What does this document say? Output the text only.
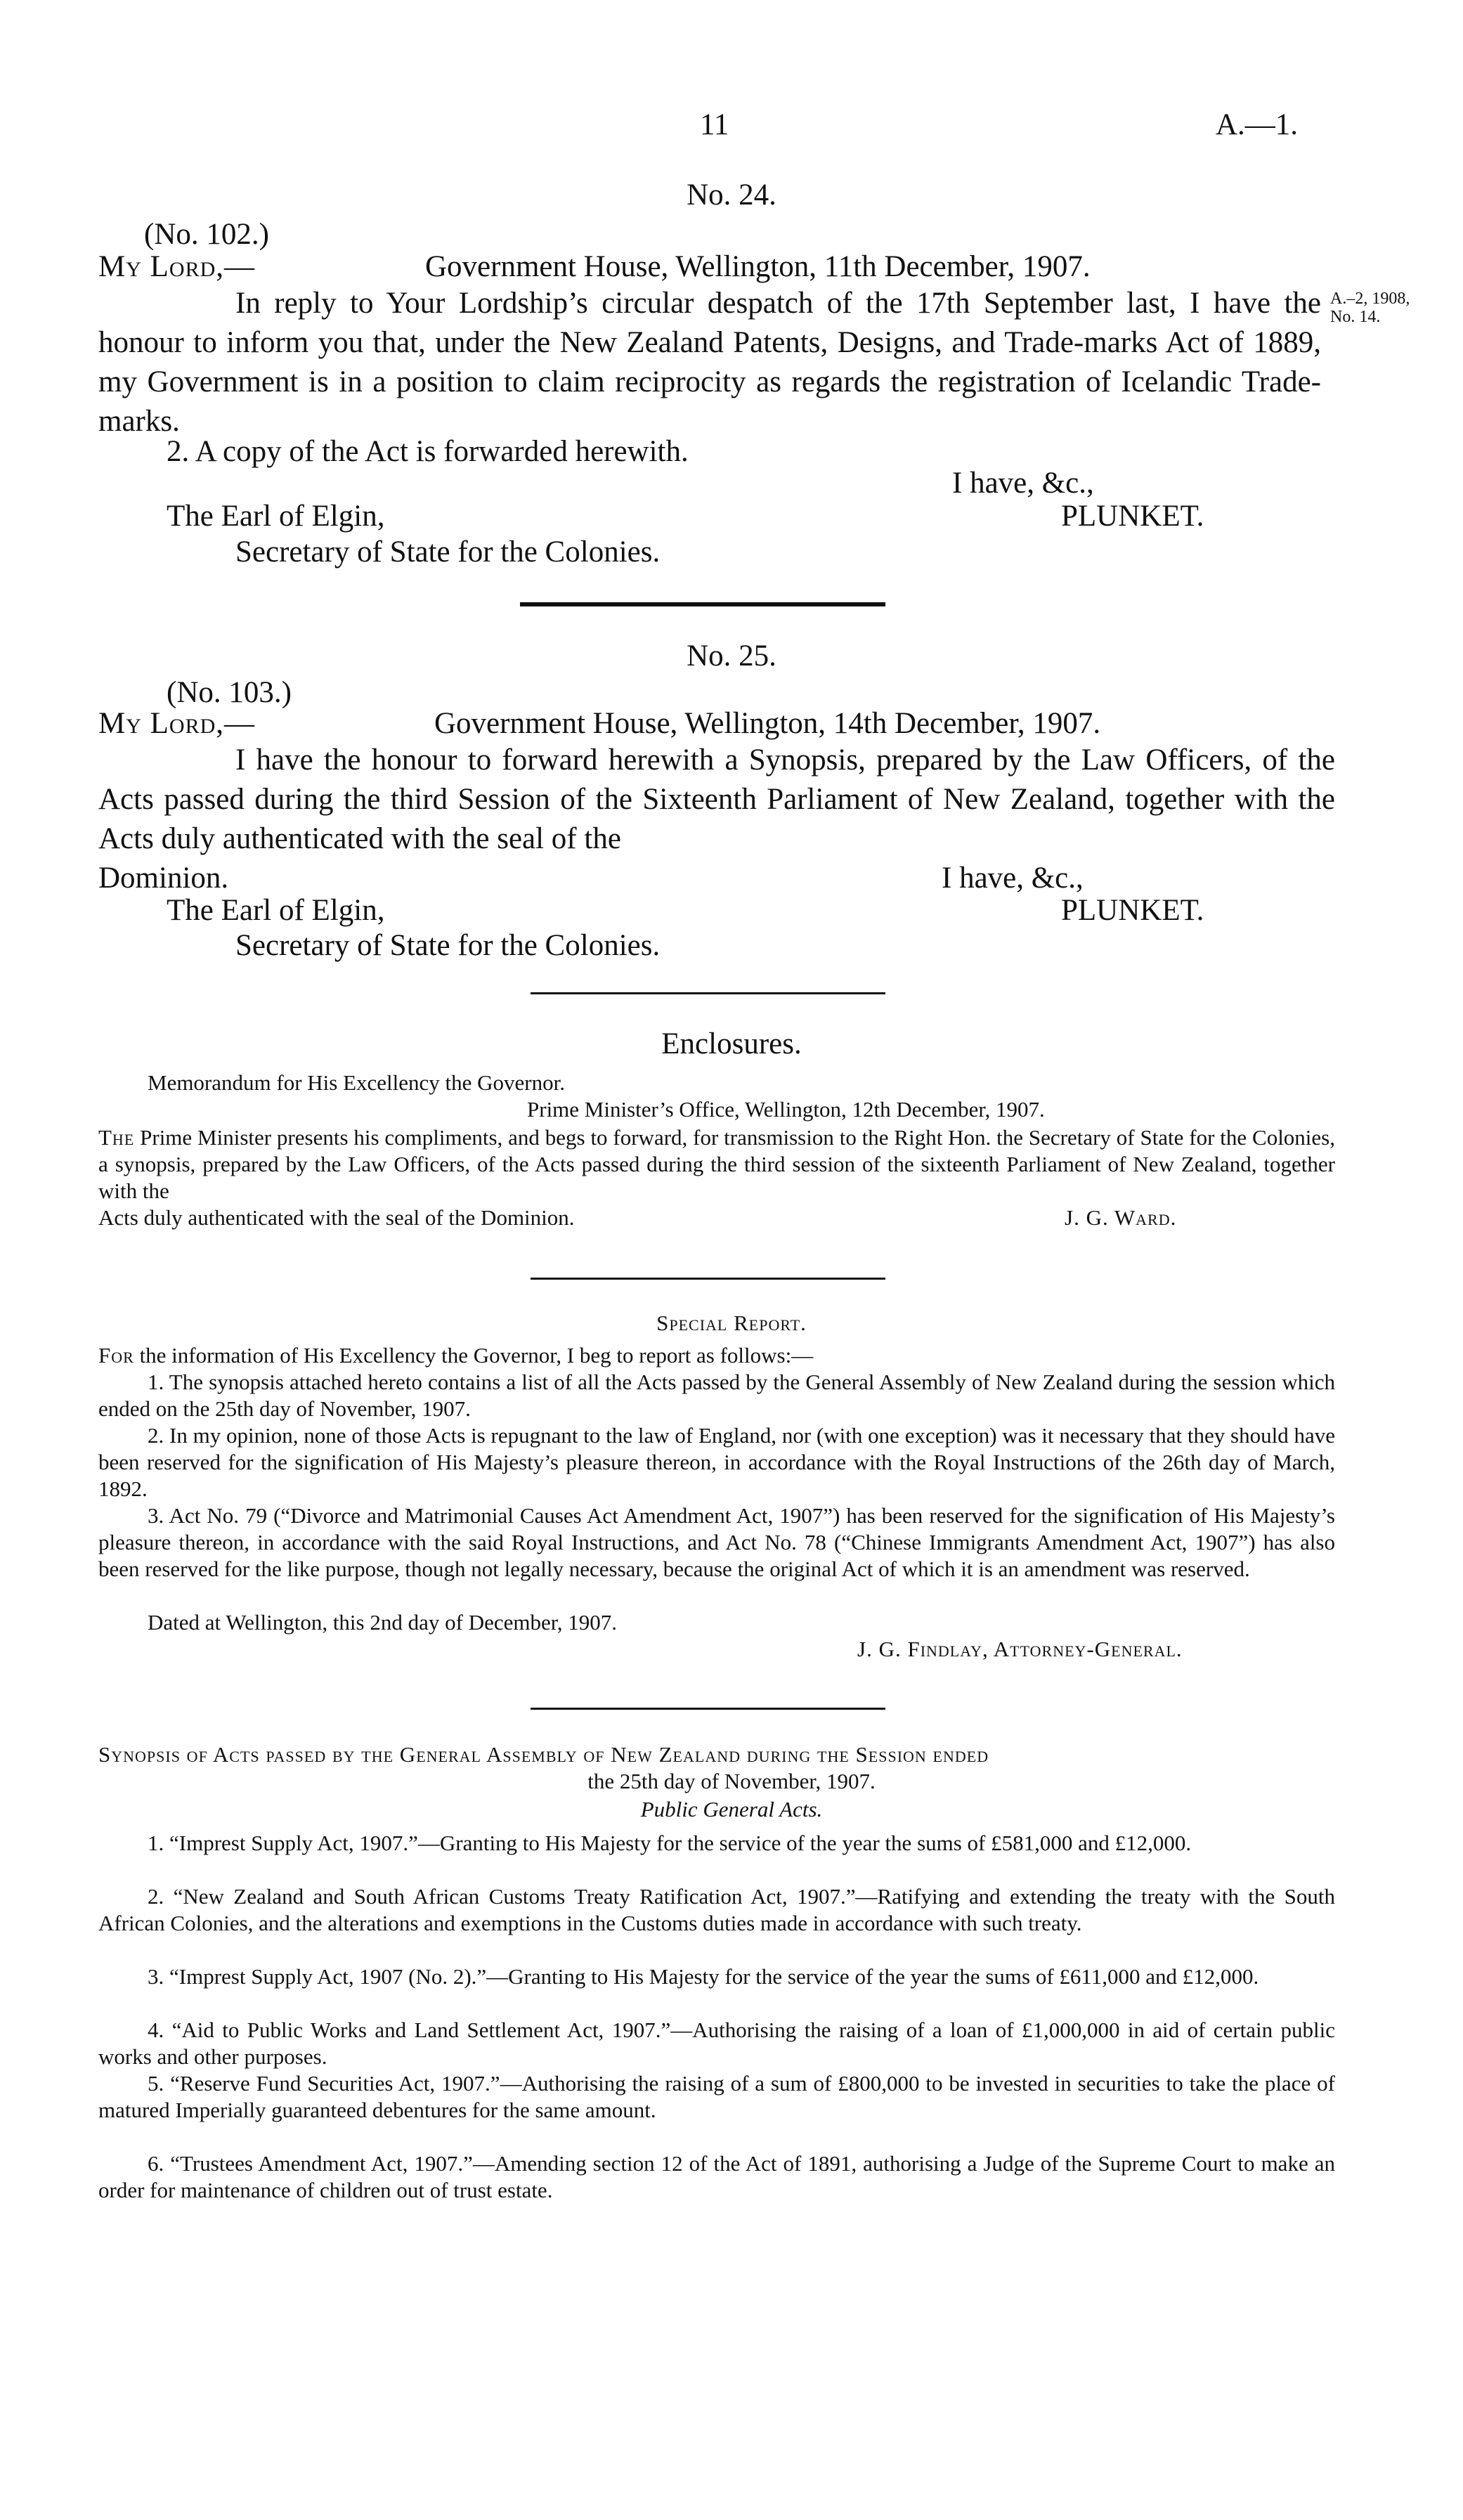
11	A.—1.
No. 24.
(No. 102.)
My Lord,—	Government House, Wellington, 11th December, 1907.
In reply to Your Lordship’s circular despatch of the 17th September last, I have the honour to inform you that, under the New Zealand Patents, Designs, and Trade-marks Act of 1889, my Government is in a position to claim reciprocity as regards the registration of Icelandic Trade-marks.
A.–2, 1908,
No. 14.
2. A copy of the Act is forwarded herewith.
I have, &c.,
The Earl of Elgin,	PLUNKET.
Secretary of State for the Colonies.
No. 25.
(No. 103.)
My Lord,—	Government House, Wellington, 14th December, 1907.
I have the honour to forward herewith a Synopsis, prepared by the Law Officers, of the Acts passed during the third Session of the Sixteenth Parliament of New Zealand, together with the Acts duly authenticated with the seal of the
Dominion.	I have, &c.,
The Earl of Elgin,	PLUNKET.
Secretary of State for the Colonies.
Enclosures.
Memorandum for His Excellency the Governor.
Prime Minister’s Office, Wellington, 12th December, 1907.
The Prime Minister presents his compliments, and begs to forward, for transmission to the Right Hon. the Secretary of State for the Colonies, a synopsis, prepared by the Law Officers, of the Acts passed during the third session of the sixteenth Parliament of New Zealand, together with the
Acts duly authenticated with the seal of the Dominion.	J. G. Ward.
Special Report.
For the information of His Excellency the Governor, I beg to report as follows:—
1. The synopsis attached hereto contains a list of all the Acts passed by the General Assembly of New Zealand during the session which ended on the 25th day of November, 1907.
2. In my opinion, none of those Acts is repugnant to the law of England, nor (with one exception) was it necessary that they should have been reserved for the signification of His Majesty’s pleasure thereon, in accordance with the Royal Instructions of the 26th day of March, 1892.
3. Act No. 79 (“Divorce and Matrimonial Causes Act Amendment Act, 1907”) has been reserved for the signification of His Majesty’s pleasure thereon, in accordance with the said Royal Instructions, and Act No. 78 (“Chinese Immigrants Amendment Act, 1907”) has also been reserved for the like purpose, though not legally necessary, because the original Act of which it is an amendment was reserved.
Dated at Wellington, this 2nd day of December, 1907.
J. G. Findlay, Attorney-General.
Synopsis of Acts passed by the General Assembly of New Zealand during the Session ended
the 25th day of November, 1907.
Public General Acts.
1. “Imprest Supply Act, 1907.”—Granting to His Majesty for the service of the year the sums of £581,000 and £12,000.
2. “New Zealand and South African Customs Treaty Ratification Act, 1907.”—Ratifying and extending the treaty with the South African Colonies, and the alterations and exemptions in the Customs duties made in accordance with such treaty.
3. “Imprest Supply Act, 1907 (No. 2).”—Granting to His Majesty for the service of the year the sums of £611,000 and £12,000.
4. “Aid to Public Works and Land Settlement Act, 1907.”—Authorising the raising of a loan of £1,000,000 in aid of certain public works and other purposes.
5. “Reserve Fund Securities Act, 1907.”—Authorising the raising of a sum of £800,000 to be invested in securities to take the place of matured Imperially guaranteed debentures for the same amount.
6. “Trustees Amendment Act, 1907.”—Amending section 12 of the Act of 1891, authorising a Judge of the Supreme Court to make an order for maintenance of children out of trust estate.
